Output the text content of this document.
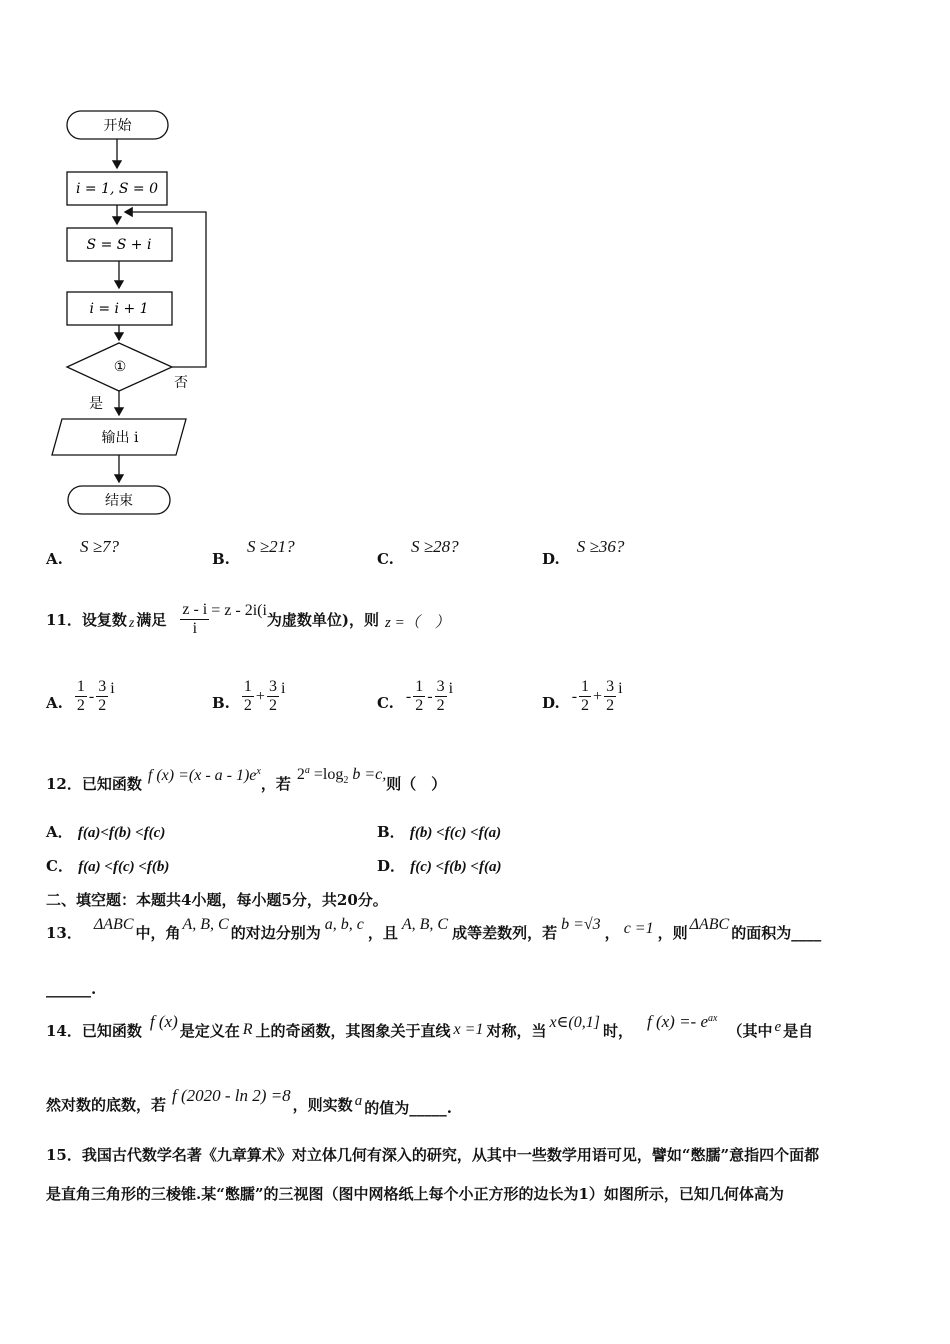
开始
i = 1, S = 0
S = S + i
i = i + 1
①
否
是
输出 i
结束
A. S ≥7?
B. S ≥21?
C. S ≥28?
D. S ≥36?
11． 设复数 z 满足 $\frac{z - i}{i} = z - 2i(i$ 为虚数单位)，则 z =（　）
A. $\frac{1}{2} - \frac{3}{2}$ i
B. $\frac{1}{2} + \frac{3}{2}$ i
C. - $\frac{1}{2} - \frac{3}{2}$ i
D. - $\frac{1}{2} + \frac{3}{2}$ i
12． 已知函数 f $(x) =(x - a - 1)e^x$
，若
$2^a =\log_2$ b =c,
则（　）
A． f(a)<f(b) <f(c)	B． f(b) <f(c) <f(a)
C． f(a) <f(c) <f(b)	D． f(c) <f(b) <f(a)
二、填空题：本题共4小题，每小题5分，共20分。
13． ΔABC 中，角 A, B, C 的对边分别为 a, b, c ，且 A, B, C 成等差数列，若 b =√3 ， c =1 ，则 ΔABC 的面积为____
______.
14． 已知函数 f (x) 是定义在 R 上的奇函数，其图象关于直线 x =1 对称，当 x∈(0,1] 时， f $(x) =- e^{ax}$
（其中 e 是自
然对数的底数，若 f (2020 - ln 2) =8 ，则实数 a 的值为_____.
15．我国古代数学名著《九章算术》对立体几何有深入的研究，从其中一些数学用语可见，譬如“憋臑”意指四个面都
是直角三角形的三棱锥.某“憋臑”的三视图（图中网格纸上每个小正方形的边长为1）如图所示，已知几何体高为
